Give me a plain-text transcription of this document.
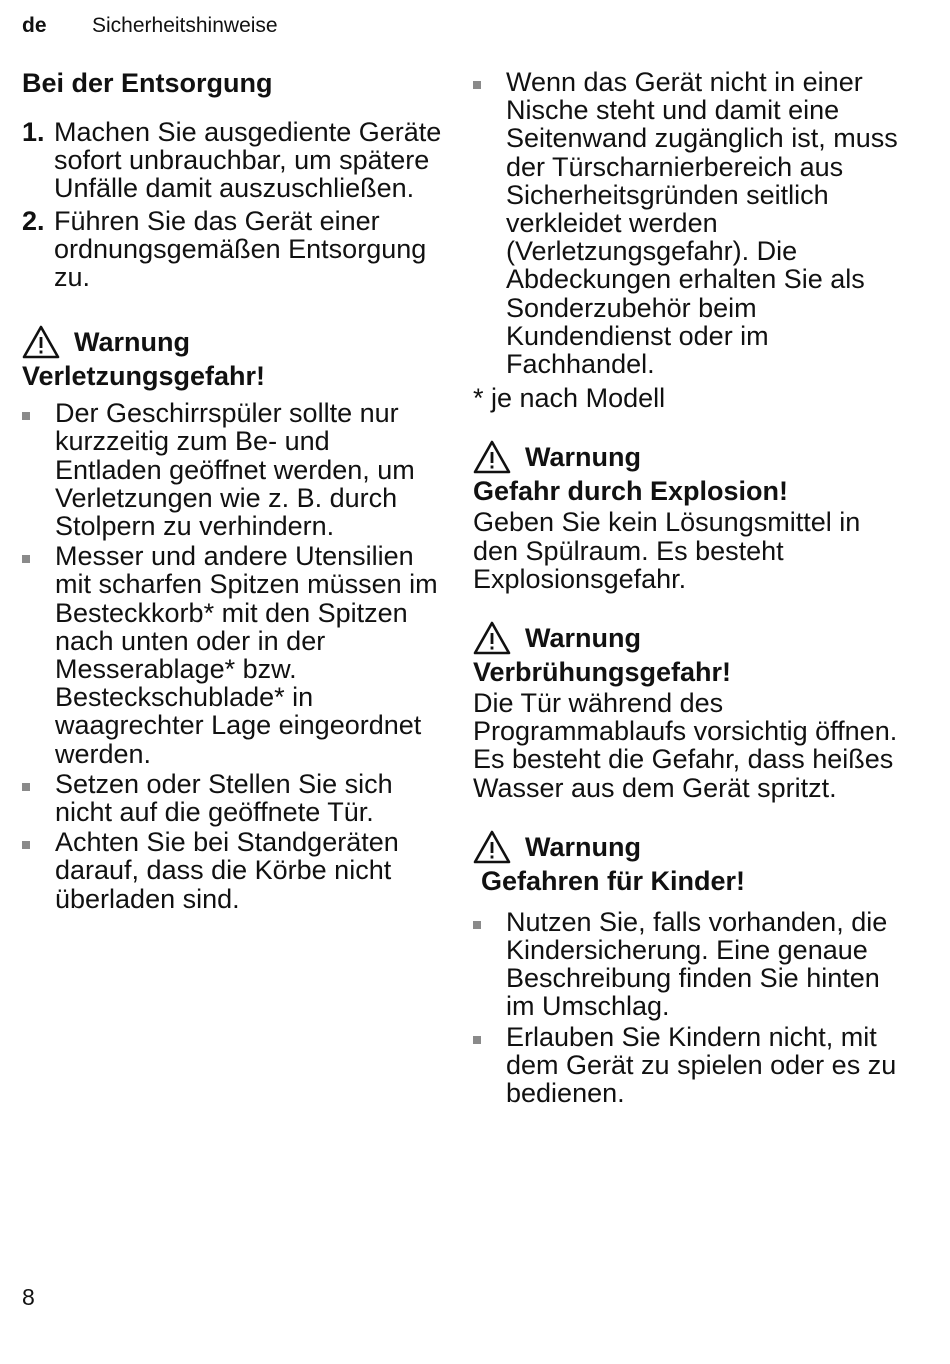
de Sicherheitshinweise
Bei der Entsorgung
1. Machen Sie ausgediente Geräte sofort unbrauchbar, um spätere Unfälle damit auszuschließen.
2. Führen Sie das Gerät einer ordnungsgemäßen Entsorgung zu.
Warnung

Verletzungsgefahr!

Der Geschirrspüler sollte nur kurzzeitig zum Be- und Entladen geöffnet werden, um Verletzungen wie z. B. durch Stolpern zu verhindern.
Messer und andere Utensilien mit scharfen Spitzen müssen im Besteckkorb* mit den Spitzen nach unten oder in der Messerablage* bzw. Besteckschublade* in waagrechter Lage eingeordnet werden.
Setzen oder Stellen Sie sich nicht auf die geöffnete Tür.
Achten Sie bei Standgeräten darauf, dass die Körbe nicht überladen sind.
Wenn das Gerät nicht in einer Nische steht und damit eine Seitenwand zugänglich ist, muss der Türscharnierbereich aus Sicherheitsgründen seitlich verkleidet werden (Verletzungsgefahr). Die Abdeckungen erhalten Sie als Sonderzubehör beim Kundendienst oder im Fachhandel.
* je nach Modell
Warnung

Gefahr durch Explosion!

Geben Sie kein Lösungsmittel in den Spülraum. Es besteht Explosionsgefahr.
Warnung

Verbrühungsgefahr!

Die Tür während des Programmablaufs vorsichtig öffnen. Es besteht die Gefahr, dass heißes Wasser aus dem Gerät spritzt.
Warnung

Gefahren für Kinder!

Nutzen Sie, falls vorhanden, die Kindersicherung. Eine genaue Beschreibung finden Sie hinten im Umschlag.
Erlauben Sie Kindern nicht, mit dem Gerät zu spielen oder es zu bedienen.
8
